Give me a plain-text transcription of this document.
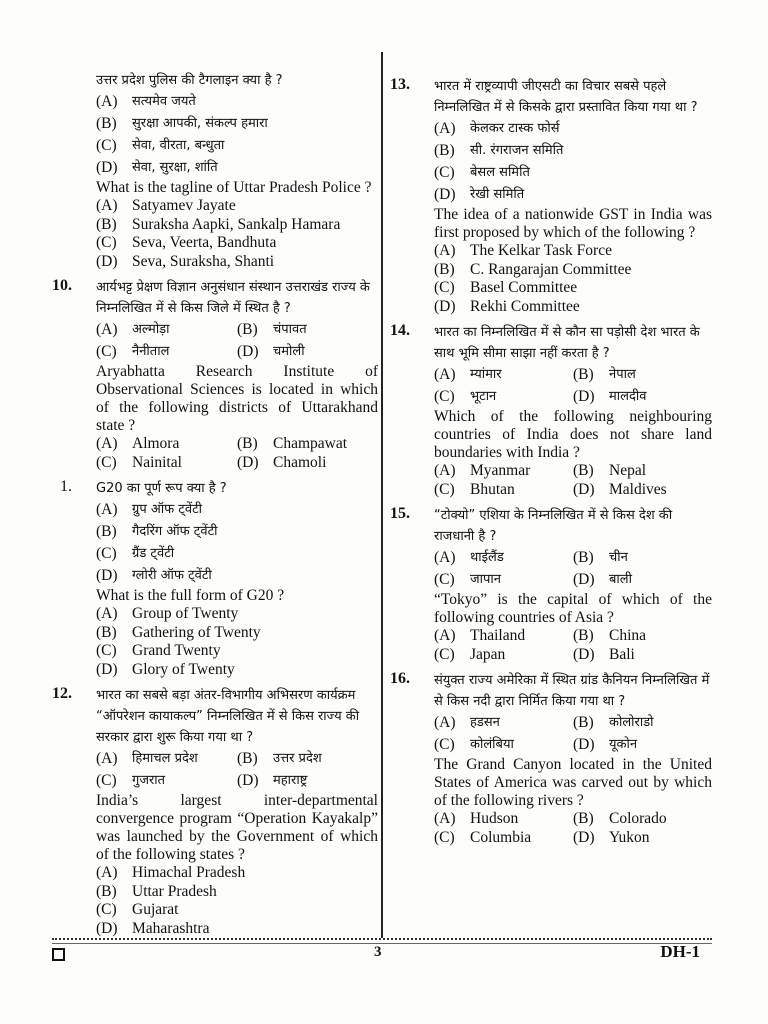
उत्तर प्रदेश पुलिस की टैगलाइन क्या है ?
(A)	सत्यमेव जयते
(B)	सुरक्षा आपकी, संकल्प हमारा
(C)	सेवा, वीरता, बन्धुता
(D)	सेवा, सुरक्षा, शांति
What is the tagline of Uttar Pradesh Police ?
(A) Satyamev Jayate
(B) Suraksha Aapki, Sankalp Hamara
(C) Seva, Veerta, Bandhuta
(D) Seva, Suraksha, Shanti
10. आर्यभट्ट प्रेक्षण विज्ञान अनुसंधान संस्थान उत्तराखंड राज्य के निम्नलिखित में से किस जिले में स्थित है ?
(A)	अल्मोड़ा	(B)	चंपावत
(C)	नैनीताल	(D)	चमोली
Aryabhatta Research Institute of Observational Sciences is located in which of the following districts of Uttarakhand state ?
(A) Almora	(B) Champawat
(C) Nainital	(D) Chamoli
1. G20 का पूर्ण रूप क्या है ?
(A)	ग्रुप ऑफ ट्वेंटी
(B)	गैदरिंग ऑफ ट्वेंटी
(C)	ग्रैंड ट्वेंटी
(D)	ग्लोरी ऑफ ट्वेंटी
What is the full form of G20 ?
(A) Group of Twenty
(B) Gathering of Twenty
(C) Grand Twenty
(D) Glory of Twenty
12. भारत का सबसे बड़ा अंतर-विभागीय अभिसरण कार्यक्रम “ऑपरेशन कायाकल्प” निम्नलिखित में से किस राज्य की सरकार द्वारा शुरू किया गया था ?
(A)	हिमाचल प्रदेश	(B)	उत्तर प्रदेश
(C)	गुजरात	(D)	महाराष्ट्र
India’s largest inter-departmental convergence program “Operation Kayakalp” was launched by the Government of which of the following states ?
(A) Himachal Pradesh
(B) Uttar Pradesh
(C) Gujarat
(D) Maharashtra
13. भारत में राष्ट्रव्यापी जीएसटी का विचार सबसे पहले निम्नलिखित में से किसके द्वारा प्रस्तावित किया गया था ?
(A)	केलकर टास्क फोर्स
(B)	सी. रंगराजन समिति
(C)	बेसल समिति
(D)	रेखी समिति
The idea of a nationwide GST in India was first proposed by which of the following ?
(A) The Kelkar Task Force
(B) C. Rangarajan Committee
(C) Basel Committee
(D) Rekhi Committee
14. भारत का निम्नलिखित में से कौन सा पड़ोसी देश भारत के साथ भूमि सीमा साझा नहीं करता है ?
(A)	म्यांमार	(B)	नेपाल
(C)	भूटान	(D)	मालदीव
Which of the following neighbouring countries of India does not share land boundaries with India ?
(A) Myanmar	(B) Nepal
(C) Bhutan	(D) Maldives
15. “टोक्यो” एशिया के निम्नलिखित में से किस देश की राजधानी है ?
(A)	थाईलैंड	(B)	चीन
(C)	जापान	(D)	बाली
“Tokyo” is the capital of which of the following countries of Asia ?
(A) Thailand	(B) China
(C) Japan	(D) Bali
16. संयुक्त राज्य अमेरिका में स्थित ग्रांड कैनियन निम्नलिखित में से किस नदी द्वारा निर्मित किया गया था ?
(A)	हडसन	(B)	कोलोराडो
(C)	कोलंबिया	(D)	यूकोन
The Grand Canyon located in the United States of America was carved out by which of the following rivers ?
(A) Hudson	(B) Colorado
(C) Columbia	(D) Yukon
3	DH-1
